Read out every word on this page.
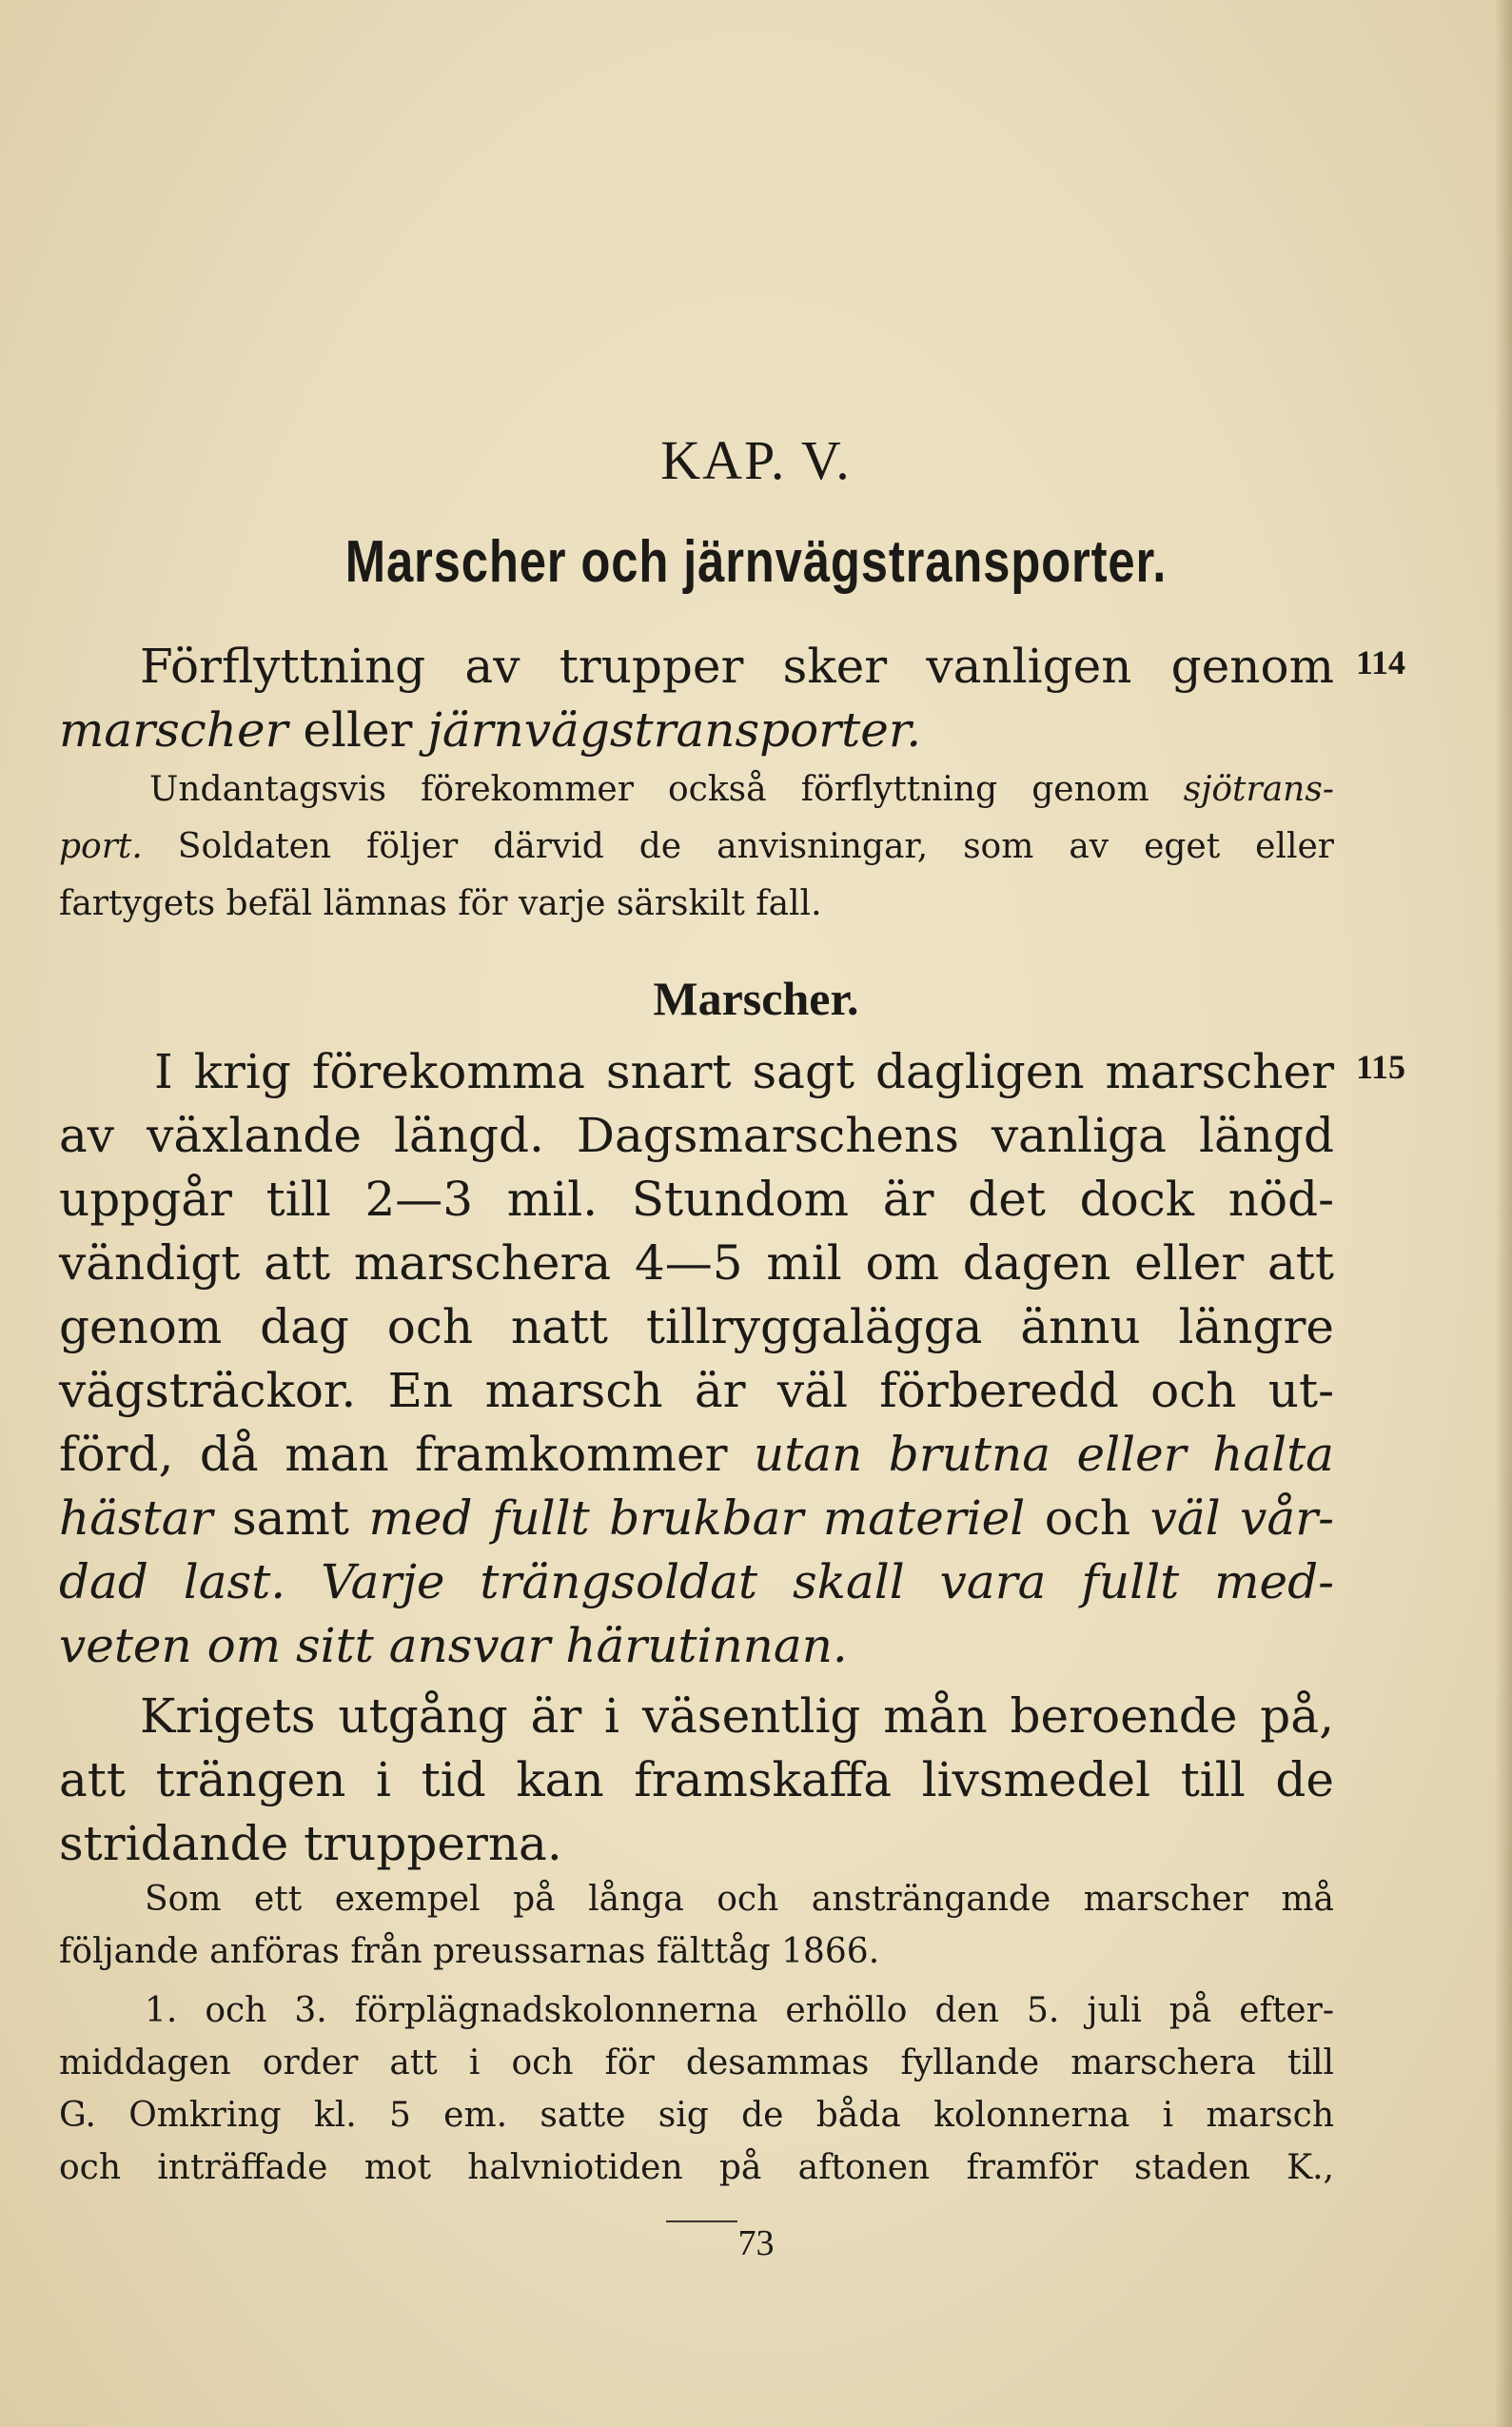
KAP. V.
Marscher och järnvägstransporter.
Förflyttning av trupper sker vanligen genom
marscher eller järnvägstransporter.
114
Undantagsvis förekommer också förflyttning genom sjötrans-
port. Soldaten följer därvid de anvisningar, som av eget eller
fartygets befäl lämnas för varje särskilt fall.
Marscher.
115
I krig förekomma snart sagt dagligen marscher
av växlande längd. Dagsmarschens vanliga längd
uppgår till 2—3 mil. Stundom är det dock nöd-
vändigt att marschera 4—5 mil om dagen eller att
genom dag och natt tillryggalägga ännu längre
vägsträckor. En marsch är väl förberedd och ut-
förd, då man framkommer utan brutna eller halta
hästar samt med fullt brukbar materiel och väl vår-
dad last. Varje trängsoldat skall vara fullt med-
veten om sitt ansvar härutinnan.
Krigets utgång är i väsentlig mån beroende på,
att trängen i tid kan framskaffa livsmedel till de
stridande trupperna.
Som ett exempel på långa och ansträngande marscher må
följande anföras från preussarnas fälttåg 1866.
1. och 3. förplägnadskolonnerna erhöllo den 5. juli på efter-
middagen order att i och för desammas fyllande marschera till
G. Omkring kl. 5 em. satte sig de båda kolonnerna i marsch
och inträffade mot halvniotiden på aftonen framför staden K.,
73
